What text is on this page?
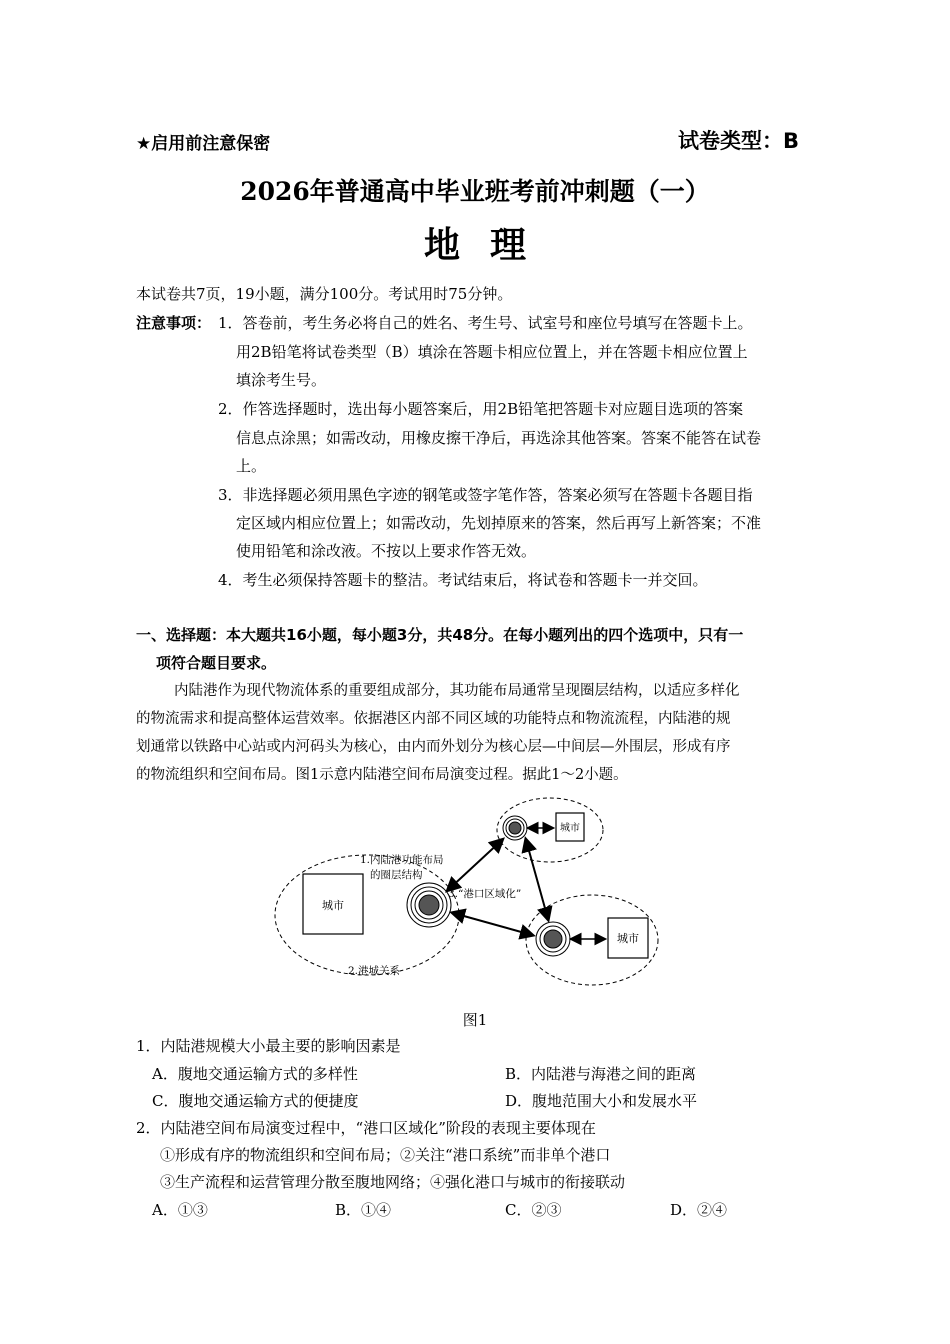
★启用前注意保密	试卷类型：B
2026年普通高中毕业班考前冲刺题（一）
地理
本试卷共7页，19小题，满分100分。考试用时75分钟。
注意事项： 1．答卷前，考生务必将自己的姓名、考生号、试室号和座位号填写在答题卡上。
用2B铅笔将试卷类型（B）填涂在答题卡相应位置上，并在答题卡相应位置上
填涂考生号。
2．作答选择题时，选出每小题答案后，用2B铅笔把答题卡对应题目选项的答案
信息点涂黑；如需改动，用橡皮擦干净后，再选涂其他答案。答案不能答在试卷
上。
3．非选择题必须用黑色字迹的钢笔或签字笔作答，答案必须写在答题卡各题目指
定区域内相应位置上；如需改动，先划掉原来的答案，然后再写上新答案；不准
使用铅笔和涂改液。不按以上要求作答无效。
4．考生必须保持答题卡的整洁。考试结束后，将试卷和答题卡一并交回。
一、选择题：本大题共16小题，每小题3分，共48分。在每小题列出的四个选项中，只有一
项符合题目要求。
内陆港作为现代物流体系的重要组成部分，其功能布局通常呈现圈层结构，以适应多样化
的物流需求和提高整体运营效率。依据港区内部不同区域的功能特点和物流流程，内陆港的规
划通常以铁路中心站或内河码头为核心，由内而外划分为核心层—中间层—外围层，形成有序
的物流组织和空间布局。图1示意内陆港空间布局演变过程。据此1～2小题。
城市
城市
城市
1.内陆港功能布局
的圈层结构
3.“港口区域化”
2.港城关系
图1
1．内陆港规模大小最主要的影响因素是
A．腹地交通运输方式的多样性	B．内陆港与海港之间的距离
C．腹地交通运输方式的便捷度	D．腹地范围大小和发展水平
2．内陆港空间布局演变过程中，“港口区域化”阶段的表现主要体现在
①形成有序的物流组织和空间布局；②关注“港口系统”而非单个港口
③生产流程和运营管理分散至腹地网络；④强化港口与城市的衔接联动
A．①③	B．①④	C．②③	D．②④
